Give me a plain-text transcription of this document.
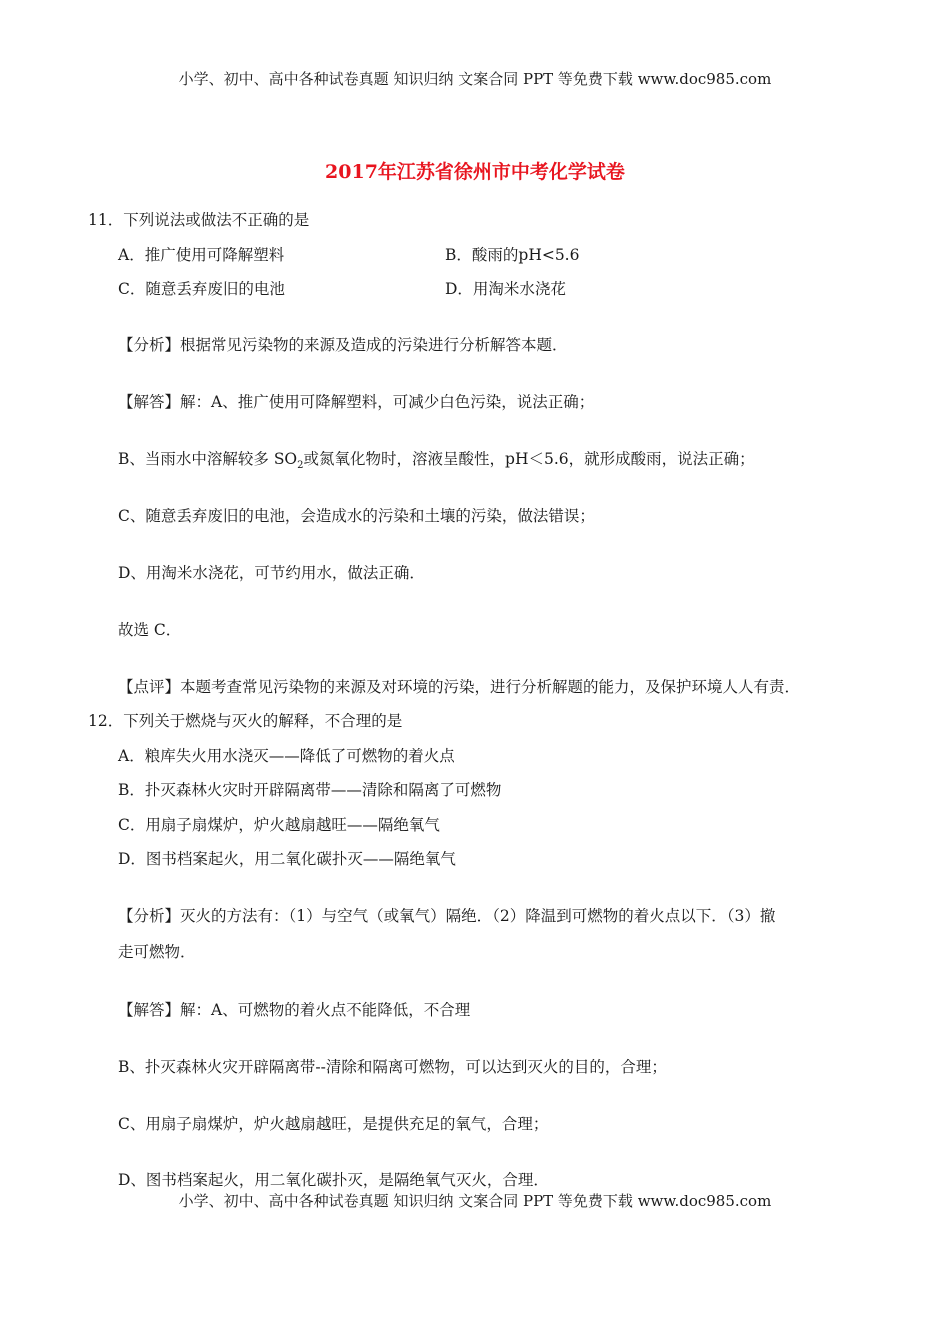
小学、初中、高中各种试卷真题 知识归纳 文案合同 PPT 等免费下载 www.doc985.com
2017年江苏省徐州市中考化学试卷
11．下列说法或做法不正确的是
A．推广使用可降解塑料	B．酸雨的pH<5.6
C．随意丢弃废旧的电池	D．用淘米水浇花
【分析】根据常见污染物的来源及造成的污染进行分析解答本题．
【解答】解：A、推广使用可降解塑料，可减少白色污染，说法正确；
B、当雨水中溶解较多 $SO_2$或氮氧化物时，溶液呈酸性，pH＜5.6，就形成酸雨，说法正确；
C、随意丢弃废旧的电池，会造成水的污染和土壤的污染，做法错误；
D、用淘米水浇花，可节约用水，做法正确．
故选 C．
【点评】本题考查常见污染物的来源及对环境的污染，进行分析解题的能力，及保护环境人人有责．
12．下列关于燃烧与灭火的解释，不合理的是
A．粮库失火用水浇灭——降低了可燃物的着火点
B．扑灭森林火灾时开辟隔离带——清除和隔离了可燃物
C．用扇子扇煤炉，炉火越扇越旺——隔绝氧气
D．图书档案起火，用二氧化碳扑灭——隔绝氧气
【分析】灭火的方法有：（1）与空气（或氧气）隔绝．（2）降温到可燃物的着火点以下．（3）撤
走可燃物．
【解答】解：A、可燃物的着火点不能降低，不合理
B、扑灭森林火灾开辟隔离带--清除和隔离可燃物，可以达到灭火的目的，合理；
C、用扇子扇煤炉，炉火越扇越旺，是提供充足的氧气，合理；
D、图书档案起火，用二氧化碳扑灭，是隔绝氧气灭火，合理．
小学、初中、高中各种试卷真题 知识归纳 文案合同 PPT 等免费下载 www.doc985.com
